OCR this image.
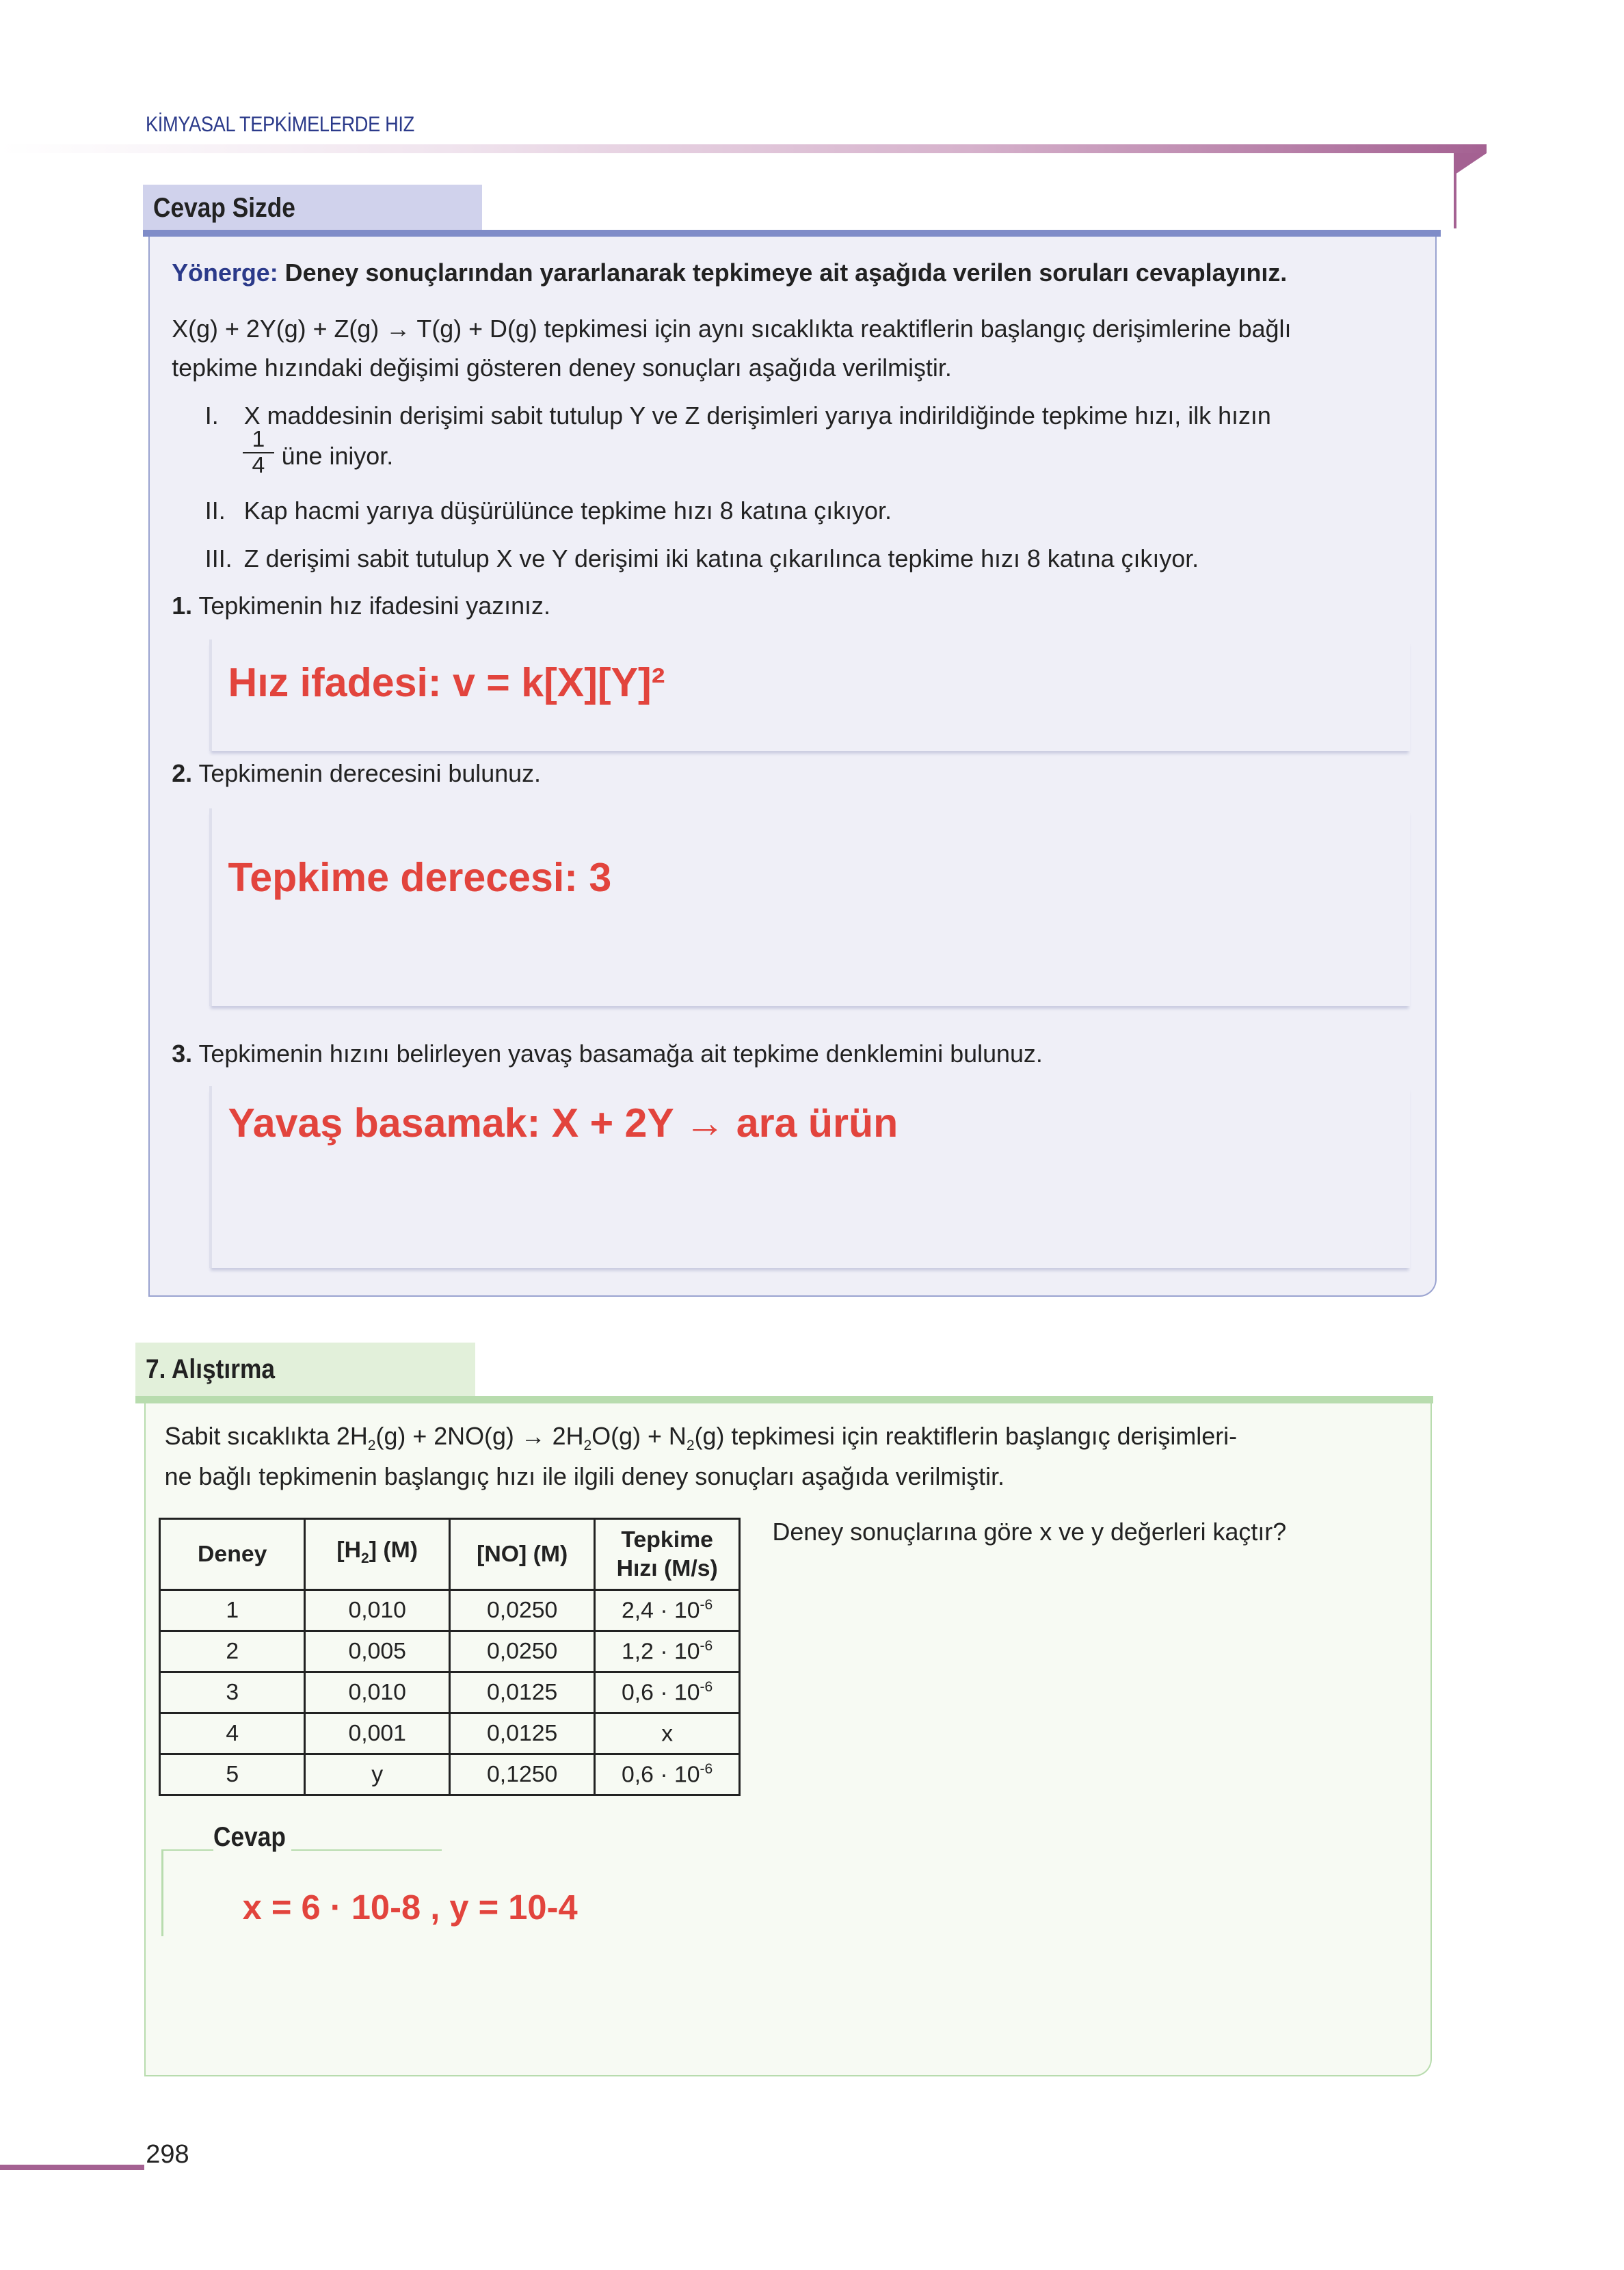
KİMYASAL TEPKİMELERDE HIZ
Cevap Sizde
Yönerge: Deney sonuçlarından yararlanarak tepkimeye ait aşağıda verilen soruları cevaplayınız.
X(g) + 2Y(g) + Z(g) → T(g) + D(g) tepkimesi için aynı sıcaklıkta reaktiflerin başlangıç derişimlerine bağlı
tepkime hızındaki değişimi gösteren deney sonuçları aşağıda verilmiştir.
I. X maddesinin derişimi sabit tutulup Y ve Z derişimleri yarıya indirildiğinde tepkime hızı, ilk hızın
$\frac{1}{4}$ üne iniyor.
II. Kap hacmi yarıya düşürülünce tepkime hızı 8 katına çıkıyor.
III. Z derişimi sabit tutulup X ve Y derişimi iki katına çıkarılınca tepkime hızı 8 katına çıkıyor.
1. Tepkimenin hız ifadesini yazınız.
Hız ifadesi: v = k[X][Y]²
2. Tepkimenin derecesini bulunuz.
Tepkime derecesi: 3
3. Tepkimenin hızını belirleyen yavaş basamağa ait tepkime denklemini bulunuz.
Yavaş basamak: X + 2Y → ara ürün
7. Alıştırma
Sabit sıcaklıkta $2H_2(g) + 2NO(g) \to 2H_2O(g) + N_2(g)$ tepkimesi için reaktiflerin başlangıç derişimleri-
ne bağlı tepkimenin başlangıç hızı ile ilgili deney sonuçları aşağıda verilmiştir.
Deney	$[H_2]$ (M)	[NO] (M)	Tepkime
Hızı (M/s)

1	0,010	0,0250	$2,4 \cdot 10^{-6}$
2	0,005	0,0250	$1,2 \cdot 10^{-6}$
3	0,010	0,0125	$0,6 \cdot 10^{-6}$
4	0,001	0,0125	x
5	y	0,1250	$0,6 \cdot 10^{-6}$
Deney sonuçlarına göre x ve y değerleri kaçtır?
Cevap
x = 6 · 10-8 , y = 10-4
298
